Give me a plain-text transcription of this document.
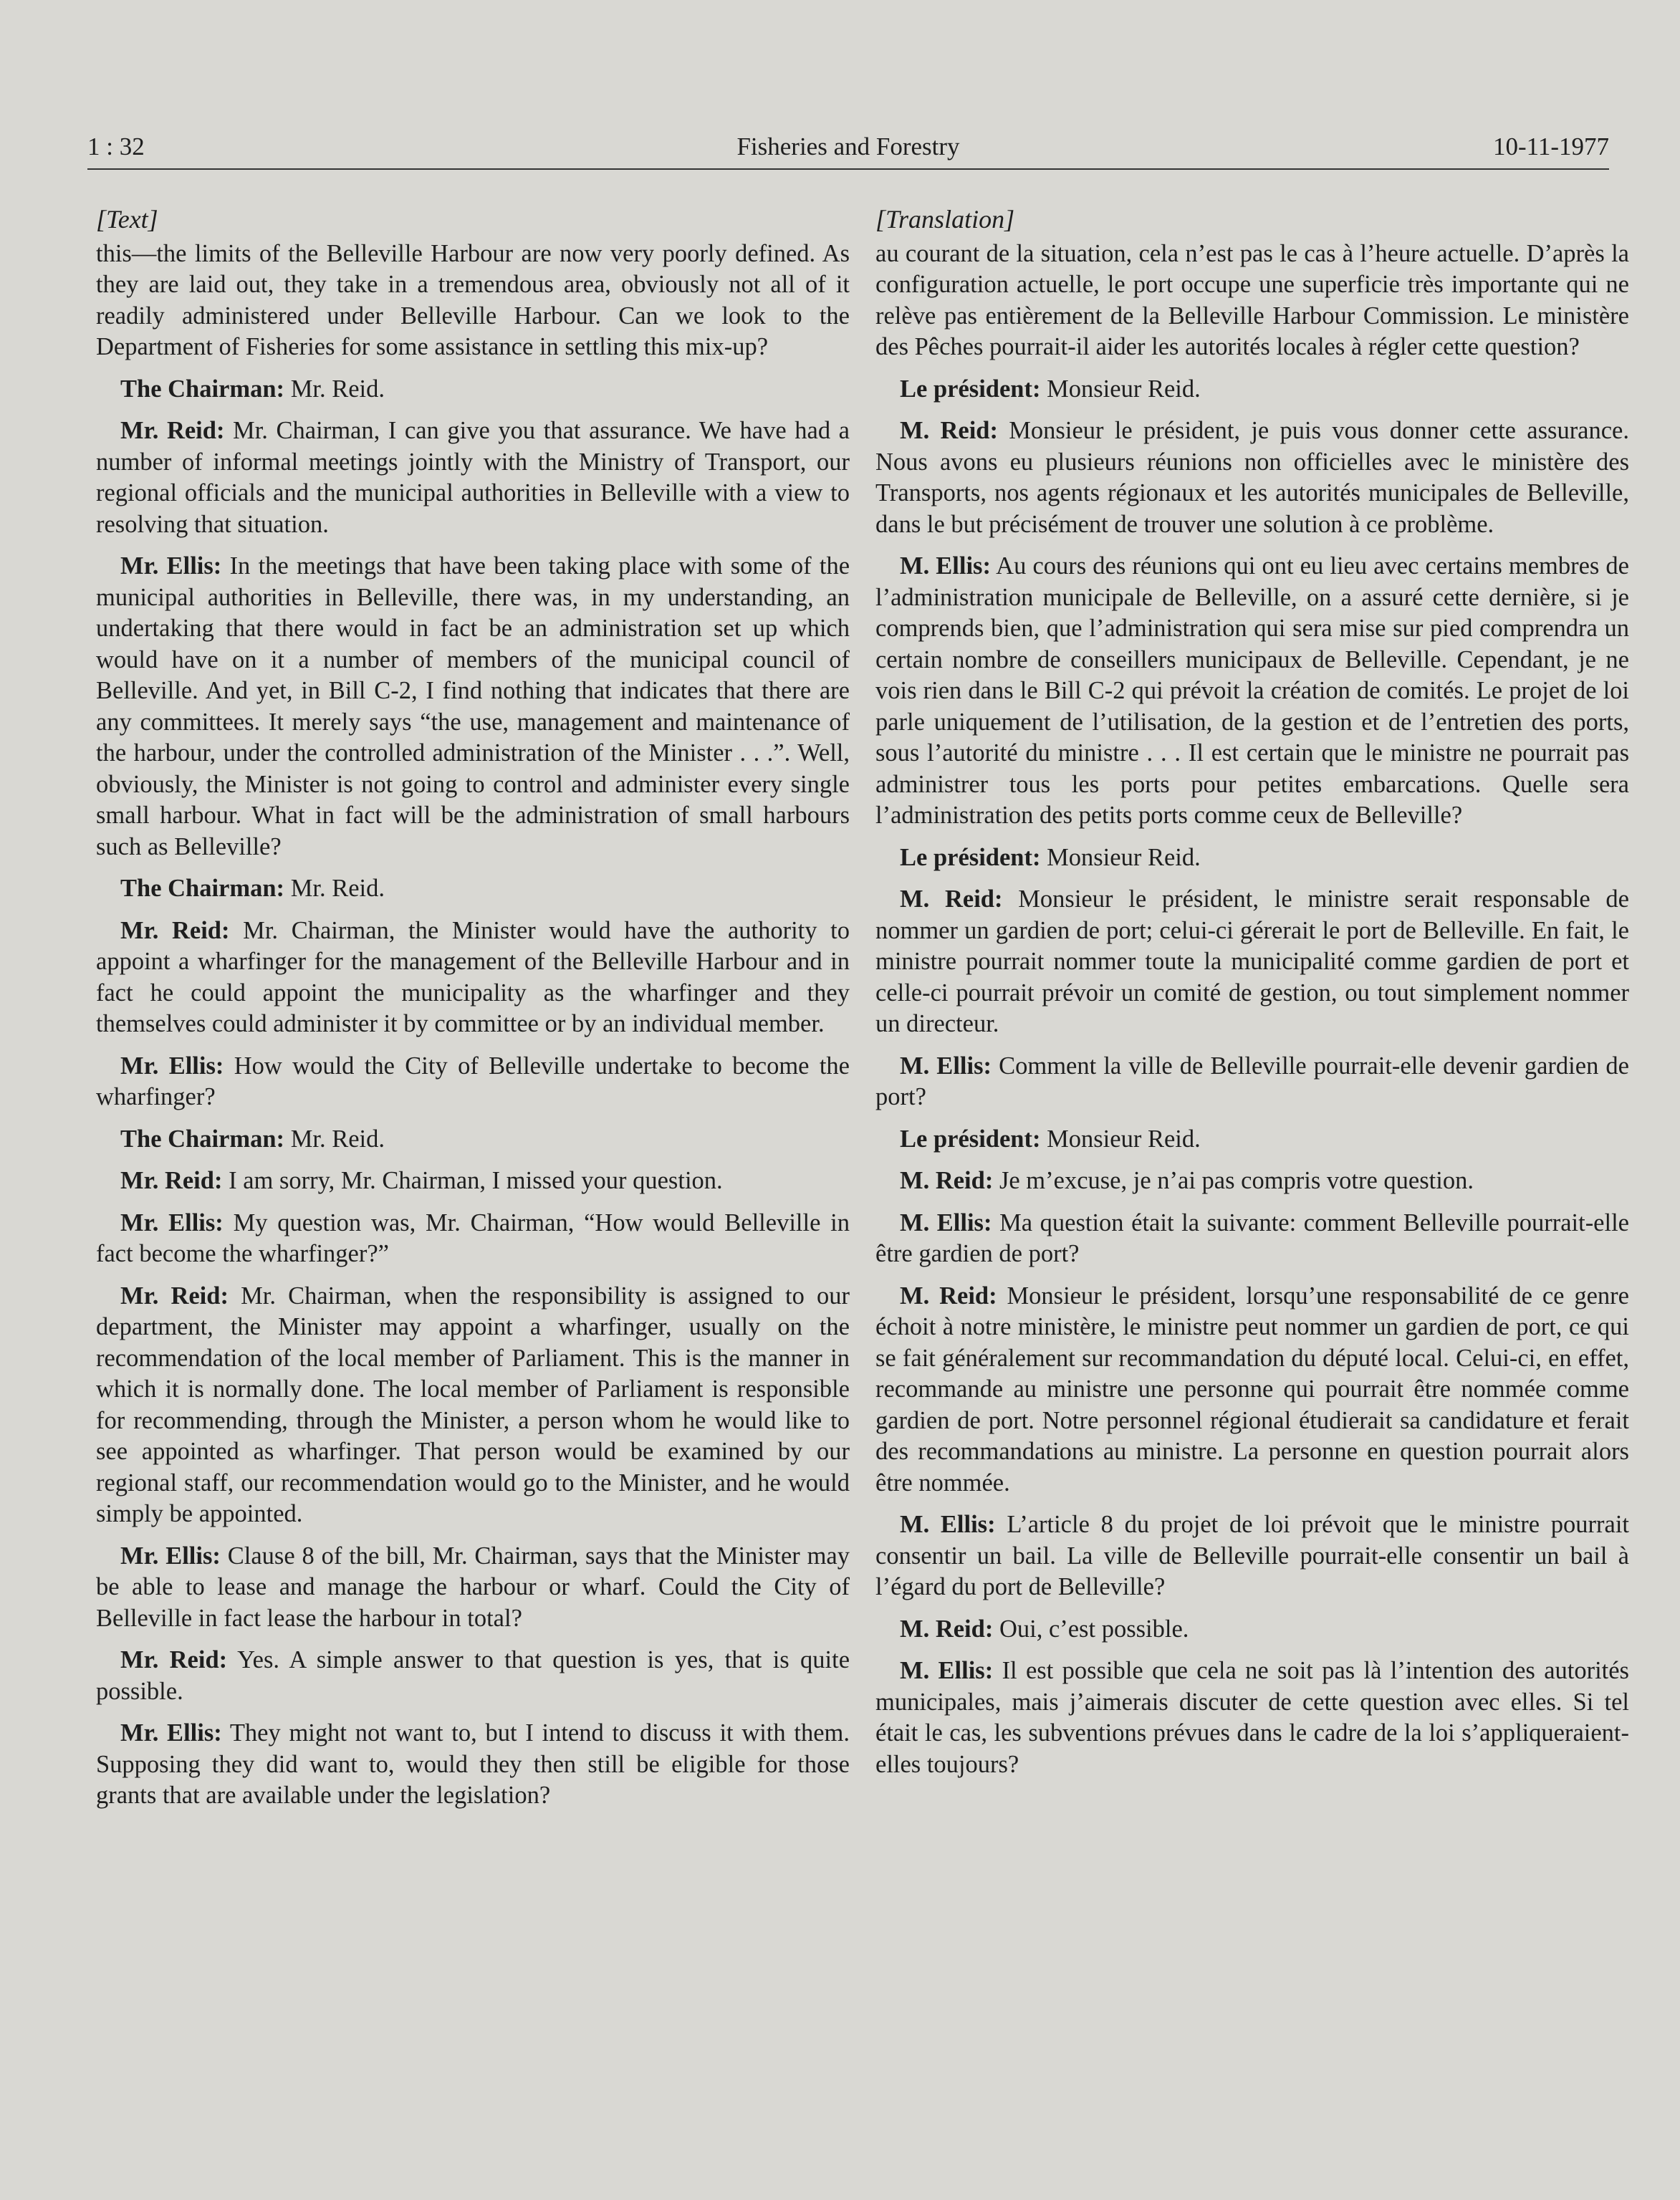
1 : 32	Fisheries and Forestry	10-11-1977
[Text]

this—the limits of the Belleville Harbour are now very poorly defined. As they are laid out, they take in a tremendous area, obviously not all of it readily administered under Belleville Harbour. Can we look to the Department of Fisheries for some assistance in settling this mix-up?

The Chairman: Mr. Reid.

Mr. Reid: Mr. Chairman, I can give you that assurance. We have had a number of informal meetings jointly with the Ministry of Transport, our regional officials and the municipal authorities in Belleville with a view to resolving that situation.

Mr. Ellis: In the meetings that have been taking place with some of the municipal authorities in Belleville, there was, in my understanding, an undertaking that there would in fact be an administration set up which would have on it a number of members of the municipal council of Belleville. And yet, in Bill C-2, I find nothing that indicates that there are any committees. It merely says “the use, management and maintenance of the harbour, under the controlled administration of the Minister . . .”. Well, obviously, the Minister is not going to control and administer every single small harbour. What in fact will be the administration of small harbours such as Belleville?

The Chairman: Mr. Reid.

Mr. Reid: Mr. Chairman, the Minister would have the authority to appoint a wharfinger for the management of the Belleville Harbour and in fact he could appoint the municipality as the wharfinger and they themselves could administer it by committee or by an individual member.

Mr. Ellis: How would the City of Belleville undertake to become the wharfinger?

The Chairman: Mr. Reid.

Mr. Reid: I am sorry, Mr. Chairman, I missed your question.

Mr. Ellis: My question was, Mr. Chairman, “How would Belleville in fact become the wharfinger?”

Mr. Reid: Mr. Chairman, when the responsibility is assigned to our department, the Minister may appoint a wharfinger, usually on the recommendation of the local member of Parliament. This is the manner in which it is normally done. The local member of Parliament is responsible for recommending, through the Minister, a person whom he would like to see appointed as wharfinger. That person would be examined by our regional staff, our recommendation would go to the Minister, and he would simply be appointed.

Mr. Ellis: Clause 8 of the bill, Mr. Chairman, says that the Minister may be able to lease and manage the harbour or wharf. Could the City of Belleville in fact lease the harbour in total?

Mr. Reid: Yes. A simple answer to that question is yes, that is quite possible.

Mr. Ellis: They might not want to, but I intend to discuss it with them. Supposing they did want to, would they then still be eligible for those grants that are available under the legislation?

[Translation]

au courant de la situation, cela n’est pas le cas à l’heure actuelle. D’après la configuration actuelle, le port occupe une superficie très importante qui ne relève pas entièrement de la Belleville Harbour Commission. Le ministère des Pêches pourrait-il aider les autorités locales à régler cette question?

Le président: Monsieur Reid.

M. Reid: Monsieur le président, je puis vous donner cette assurance. Nous avons eu plusieurs réunions non officielles avec le ministère des Transports, nos agents régionaux et les autorités municipales de Belleville, dans le but précisément de trouver une solution à ce problème.

M. Ellis: Au cours des réunions qui ont eu lieu avec certains membres de l’administration municipale de Belleville, on a assuré cette dernière, si je comprends bien, que l’administration qui sera mise sur pied comprendra un certain nombre de conseillers municipaux de Belleville. Cependant, je ne vois rien dans le Bill C-2 qui prévoit la création de comités. Le projet de loi parle uniquement de l’utilisation, de la gestion et de l’entretien des ports, sous l’autorité du ministre . . . Il est certain que le ministre ne pourrait pas administrer tous les ports pour petites embarcations. Quelle sera l’administration des petits ports comme ceux de Belleville?

Le président: Monsieur Reid.

M. Reid: Monsieur le président, le ministre serait responsable de nommer un gardien de port; celui-ci gérerait le port de Belleville. En fait, le ministre pourrait nommer toute la municipalité comme gardien de port et celle-ci pourrait prévoir un comité de gestion, ou tout simplement nommer un directeur.

M. Ellis: Comment la ville de Belleville pourrait-elle devenir gardien de port?

Le président: Monsieur Reid.

M. Reid: Je m’excuse, je n’ai pas compris votre question.

M. Ellis: Ma question était la suivante: comment Belleville pourrait-elle être gardien de port?

M. Reid: Monsieur le président, lorsqu’une responsabilité de ce genre échoit à notre ministère, le ministre peut nommer un gardien de port, ce qui se fait généralement sur recommandation du député local. Celui-ci, en effet, recommande au ministre une personne qui pourrait être nommée comme gardien de port. Notre personnel régional étudierait sa candidature et ferait des recommandations au ministre. La personne en question pourrait alors être nommée.

M. Ellis: L’article 8 du projet de loi prévoit que le ministre pourrait consentir un bail. La ville de Belleville pourrait-elle consentir un bail à l’égard du port de Belleville?

M. Reid: Oui, c’est possible.

M. Ellis: Il est possible que cela ne soit pas là l’intention des autorités municipales, mais j’aimerais discuter de cette question avec elles. Si tel était le cas, les subventions prévues dans le cadre de la loi s’appliqueraient-elles toujours?
